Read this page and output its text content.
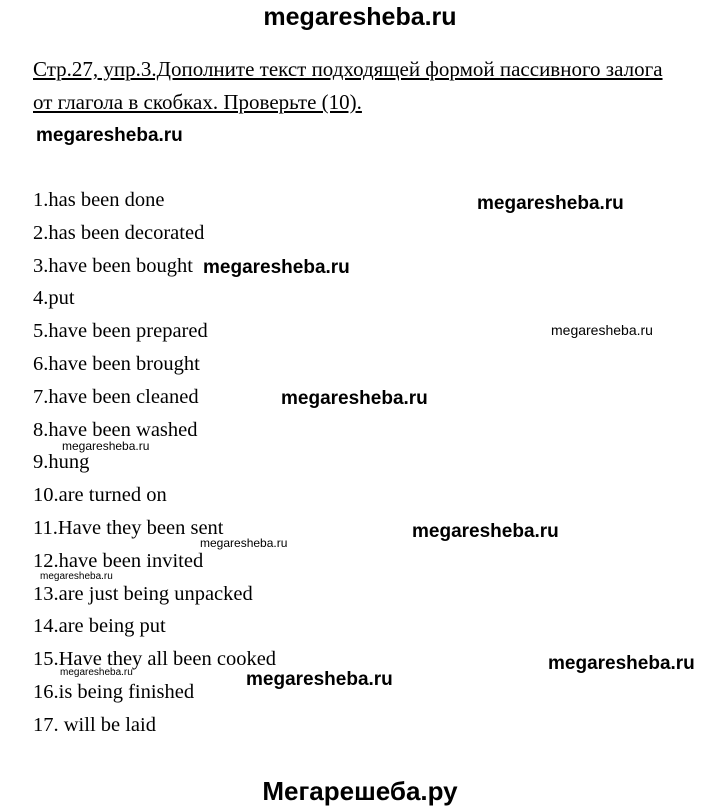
megaresheba.ru
Стр.27, упр.3.Дополните текст подходящей формой пассивного залога
от глагола в скобках. Проверьте (10).
1.has been done
2.has been decorated
3.have been bought
4.put
5.have been prepared
6.have been brought
7.have been cleaned
8.have been washed
9.hung
10.are turned on
11.Have they been sent
12.have been invited
13.are just being unpacked
14.are being put
15.Have they all been cooked
16.is being finished
17. will be laid
megaresheba.ru
megaresheba.ru
megaresheba.ru
megaresheba.ru
megaresheba.ru
megaresheba.ru
megaresheba.ru
megaresheba.ru
megaresheba.ru
megaresheba.ru
megaresheba.ru	megaresheba.ru
Мегарешеба.ру
